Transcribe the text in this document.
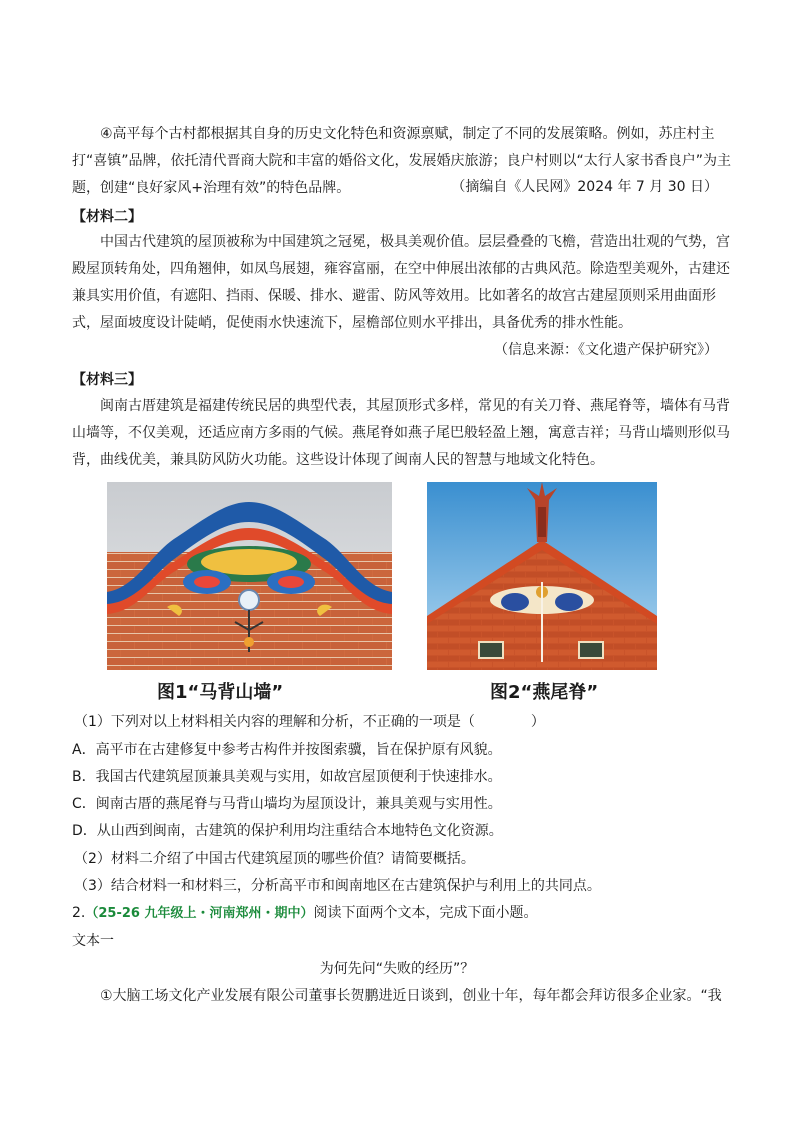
④高平每个古村都根据其自身的历史文化特色和资源禀赋，制定了不同的发展策略。例如，苏庄村主打“喜镇”品牌，依托清代晋商大院和丰富的婚俗文化，发展婚庆旅游；良户村则以“太行人家书香良户”为主题，创建“良好家风+治理有效”的特色品牌。	（摘编自《人民网》2024 年 7 月 30 日）
【材料二】

中国古代建筑的屋顶被称为中国建筑之冠冕，极具美观价值。层层叠叠的飞檐，营造出壮观的气势，宫殿屋顶转角处，四角翘伸，如凤鸟展翅，雍容富丽，在空中伸展出浓郁的古典风范。除造型美观外，古建还兼具实用价值，有遮阳、挡雨、保暖、排水、避雷、防风等效用。比如著名的故宫古建屋顶则采用曲面形式，屋面坡度设计陡峭，促使雨水快速流下，屋檐部位则水平排出，具备优秀的排水性能。

（信息来源：《文化遗产保护研究》）
【材料三】

闽南古厝建筑是福建传统民居的典型代表，其屋顶形式多样，常见的有关刀脊、燕尾脊等，墙体有马背山墙等，不仅美观，还适应南方多雨的气候。燕尾脊如燕子尾巴般轻盈上翘，寓意吉祥；马背山墙则形似马背，曲线优美，兼具防风防火功能。这些设计体现了闽南人民的智慧与地域文化特色。

图1“马背山墙”	图2“燕尾脊”
（1）下列对以上材料相关内容的理解和分析，不正确的一项是（　　　　）
A．高平市在古建修复中参考古构件并按图索骥，旨在保护原有风貌。
B．我国古代建筑屋顶兼具美观与实用，如故宫屋顶便利于快速排水。
C．闽南古厝的燕尾脊与马背山墙均为屋顶设计，兼具美观与实用性。
D．从山西到闽南，古建筑的保护利用均注重结合本地特色文化资源。
（2）材料二介绍了中国古代建筑屋顶的哪些价值？请简要概括。
（3）结合材料一和材料三，分析高平市和闽南地区在古建筑保护与利用上的共同点。
2.（25-26 九年级上・河南郑州・期中）阅读下面两个文本，完成下面小题。
文本一
为何先问“失败的经历”？
①大脑工场文化产业发展有限公司董事长贺鹏进近日谈到，创业十年，每年都会拜访很多企业家。“我
